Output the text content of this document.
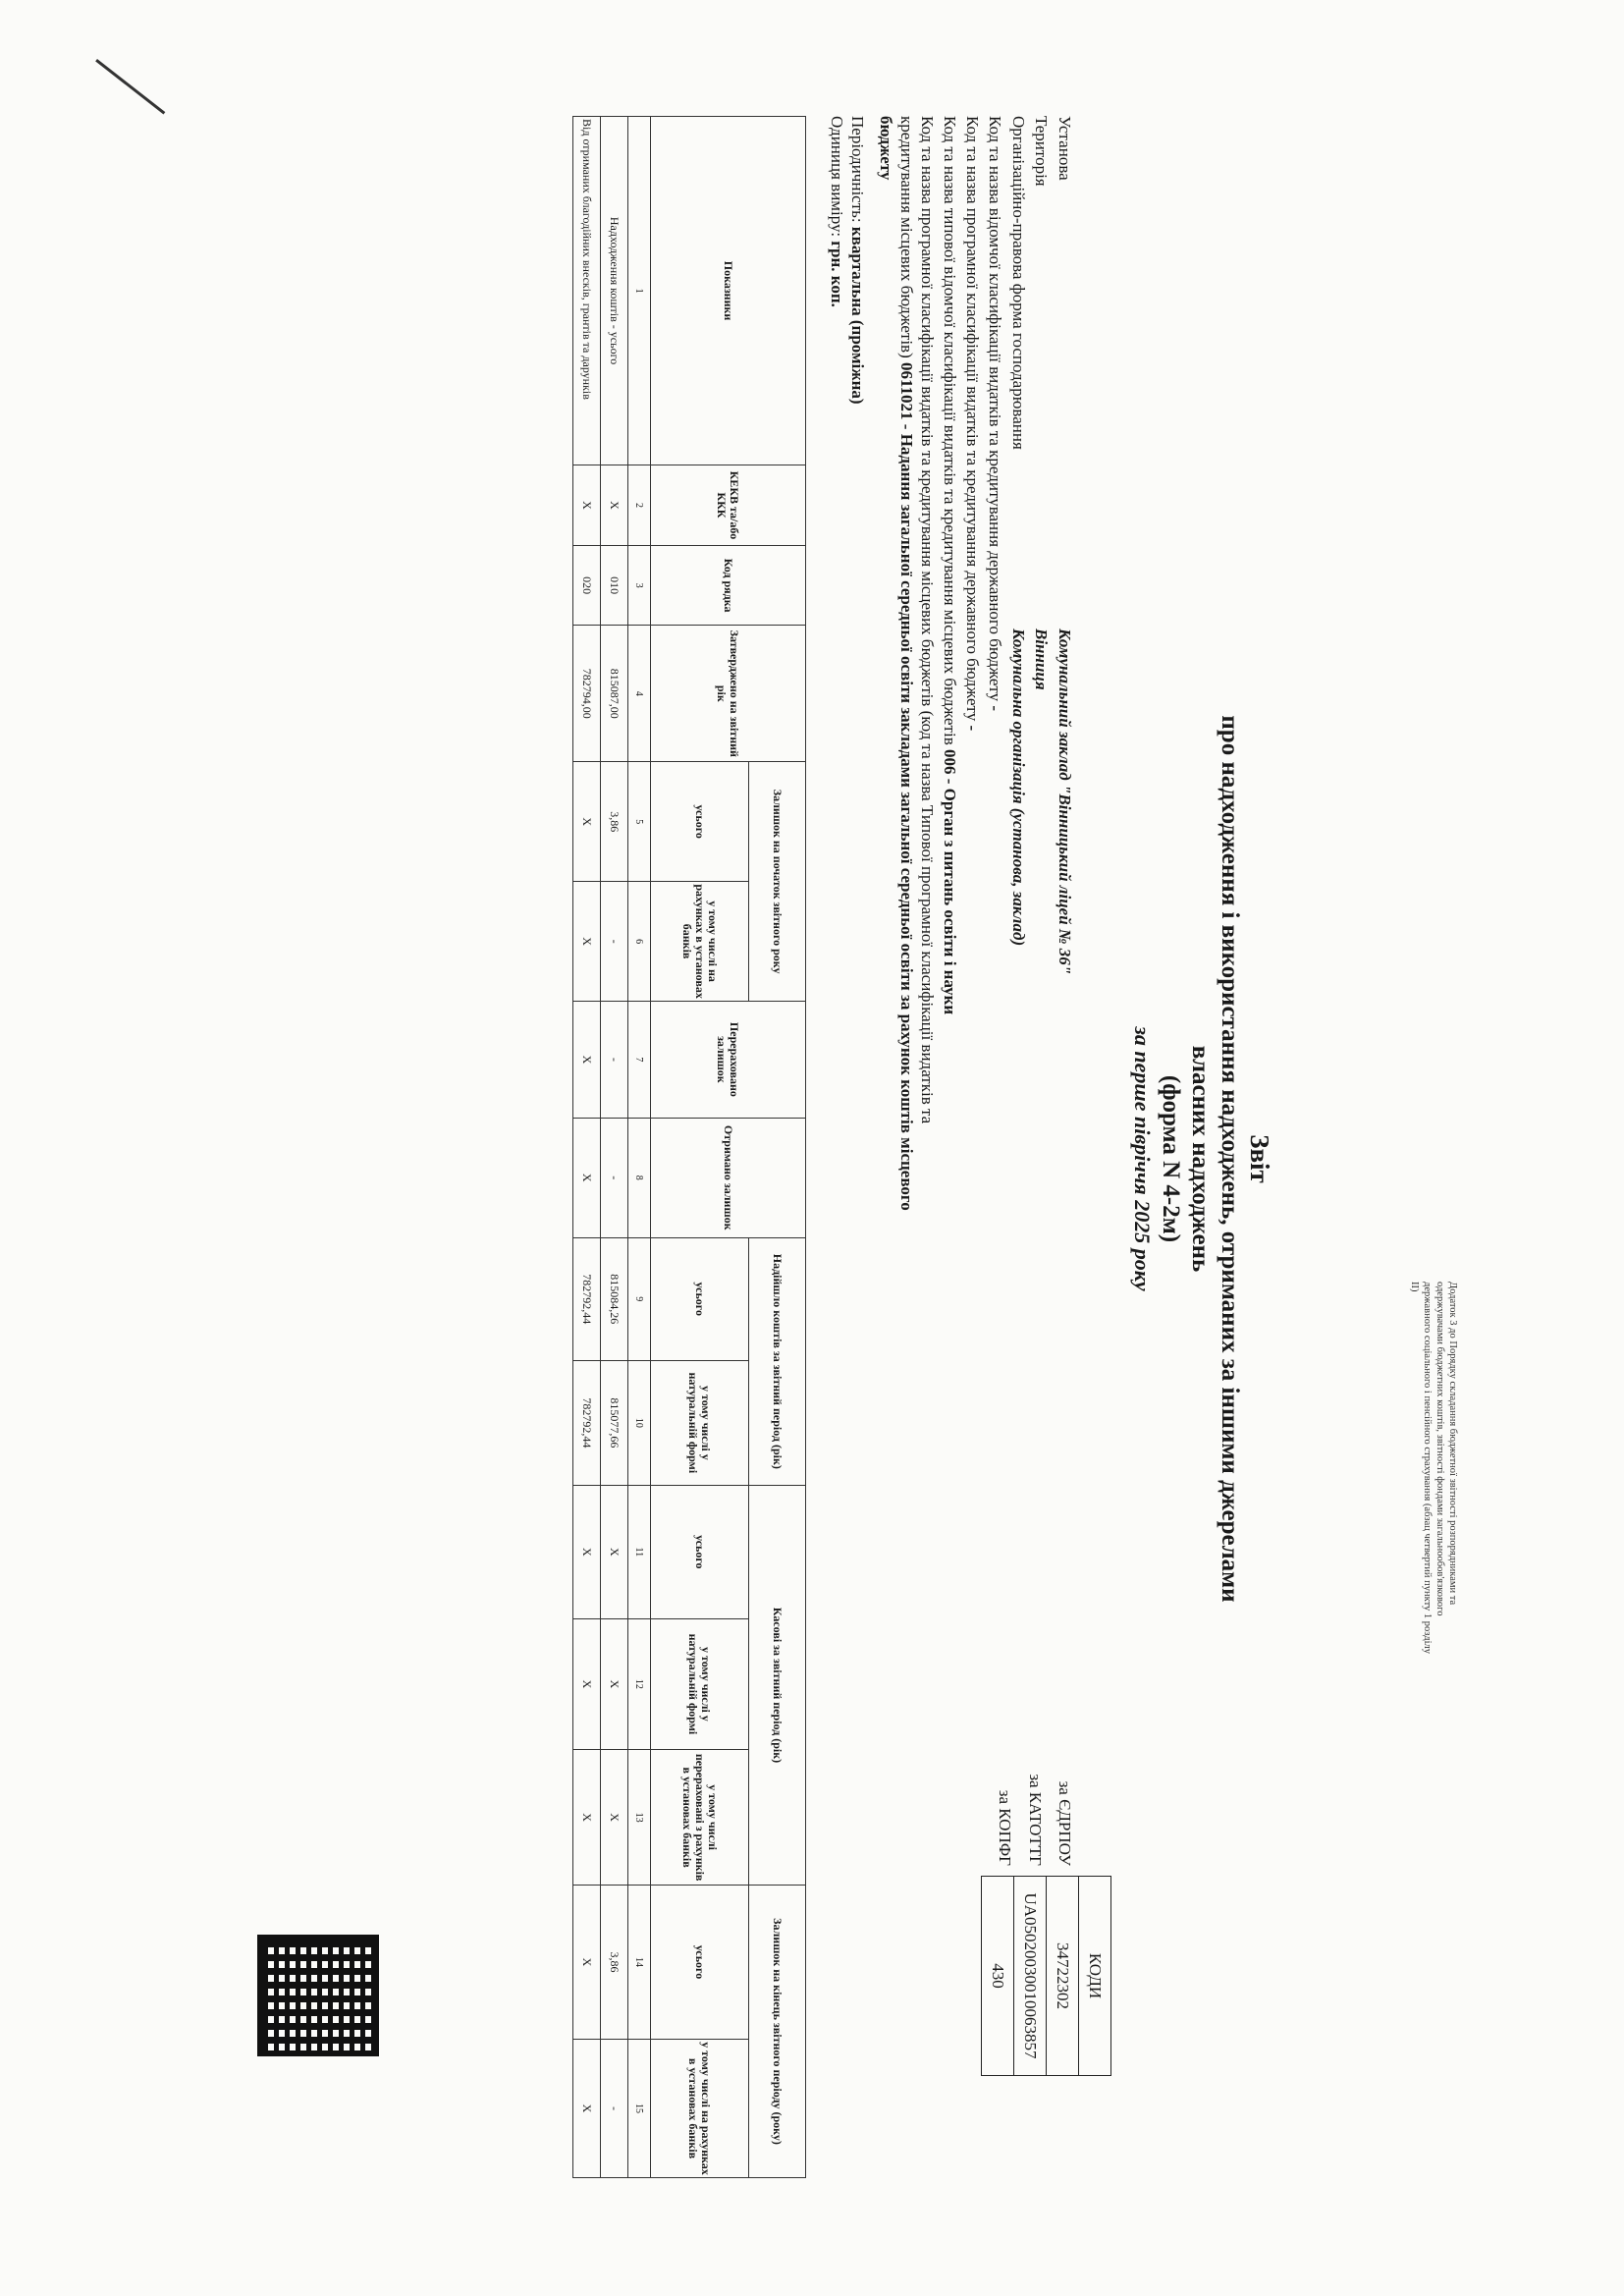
Додаток 3 до Порядку складання бюджетної звітності розпорядниками та одержувачами бюджетних коштів, звітності фондами загальнообов'язкового державного соціального і пенсійного страхування (абзац четвертий пункту 1 розділу II)
Звіт
про надходження і використання надходжень, отриманих за іншими джерелами
власних надходжень
(форма N 4-2м)
за перше півріччя 2025 року
за ЄДРПОУ
за КАТОТТГ
за КОПФГ
КОДИ
34722302
UA05020030010063857
430
Установа
Комунальний заклад "Вінницький ліцей № 36"
Територія
Вінниця
Організаційно-правова форма господарювання
Комунальна організація (установа, заклад)
Код та назва відомчої класифікації видатків та кредитування державного бюджету -
Код та назва програмної класифікації видатків та кредитування державного бюджету -
Код та назва типової відомчої класифікації видатків та кредитування місцевих бюджетів 006 - Орган з питань освіти і науки
Код та назва програмної класифікації видатків та кредитування місцевих бюджетів (код та назва Типової програмної класифікації видатків та
кредитування місцевих бюджетів) 0611021 - Надання загальної середньої освіти закладами загальної середньої освіти за рахунок коштів місцевого
бюджету
Періодичність: квартальна (проміжна)
Одиниця виміру: грн. коп.
Показники	КЕКВ та/або ККК	Код рядка	Затверджено на звітний рік	Залишок на початок звітного року		Перераховано залишок	Отримано залишок	Надійшло коштів за звітний період (рік)		Касові за звітний період (рік)			Залишок на кінець звітного періоду (року)	
				усього	у тому числі на рахунках в установах банків			усього	у тому числі у натуральній формі	усього	у тому числі у натуральній формі	у тому числі перераховані з рахунків в установах банків	усього	у тому числі на рахунках в установах банків
1	2	3	4	5	6	7	8	9	10	11	12	13	14	15
Надходження коштів - усього	X	010	815087,00	3,86	-	-	-	815084,26	815077,66	X	X	X	3,86	-
Від отриманих благодійних внесків, грантів та дарунків	X	020	782794,00	X	X	X	X	782792,44	782792,44	X	X	X	X	X
